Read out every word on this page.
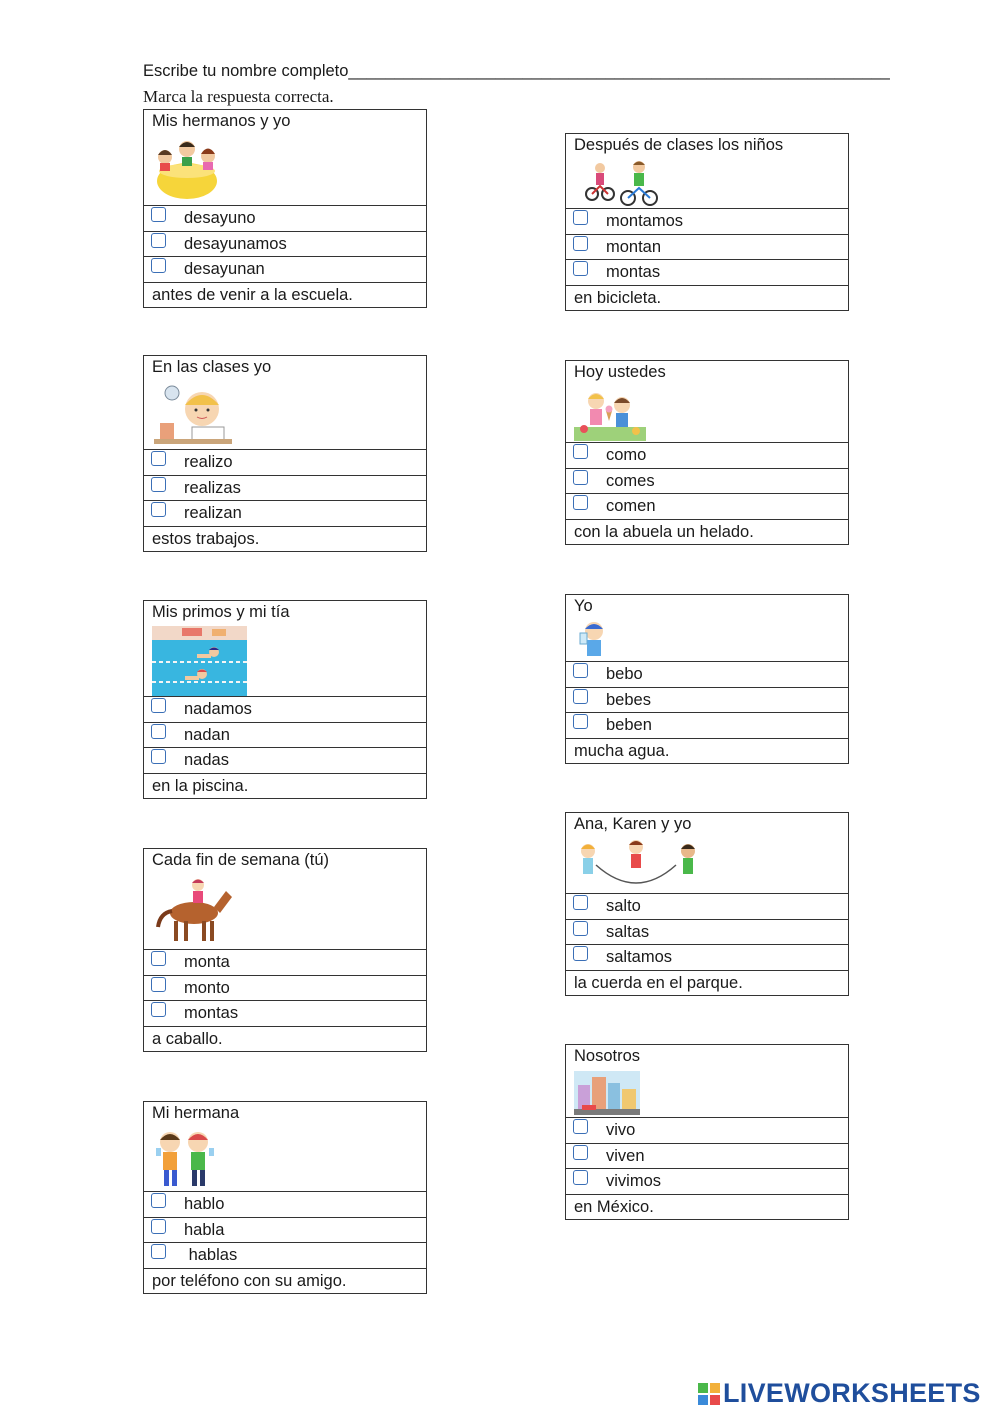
Escribe tu nombre completo___________________________________________________________
Marca la respuesta correcta.
Mis hermanos y yo
desayuno
desayunamos
desayunan
antes de venir a la escuela.
Después de clases los niños
montamos
montan
montas
en bicicleta.
En las clases yo
realizo
realizas
realizan
estos trabajos.
Hoy ustedes
como
comes
comen
con la abuela un helado.
Mis primos y mi tía
nadamos
nadan
nadas
en la piscina.
Yo
bebo
bebes
beben
mucha agua.
Cada fin de semana (tú)
monta
monto
montas
a caballo.
Ana, Karen y yo
salto
saltas
saltamos
la cuerda en el parque.
Mi hermana
hablo
habla
hablas
por teléfono con su amigo.
Nosotros
vivo
viven
vivimos
en México.
LIVEWORKSHEETS
